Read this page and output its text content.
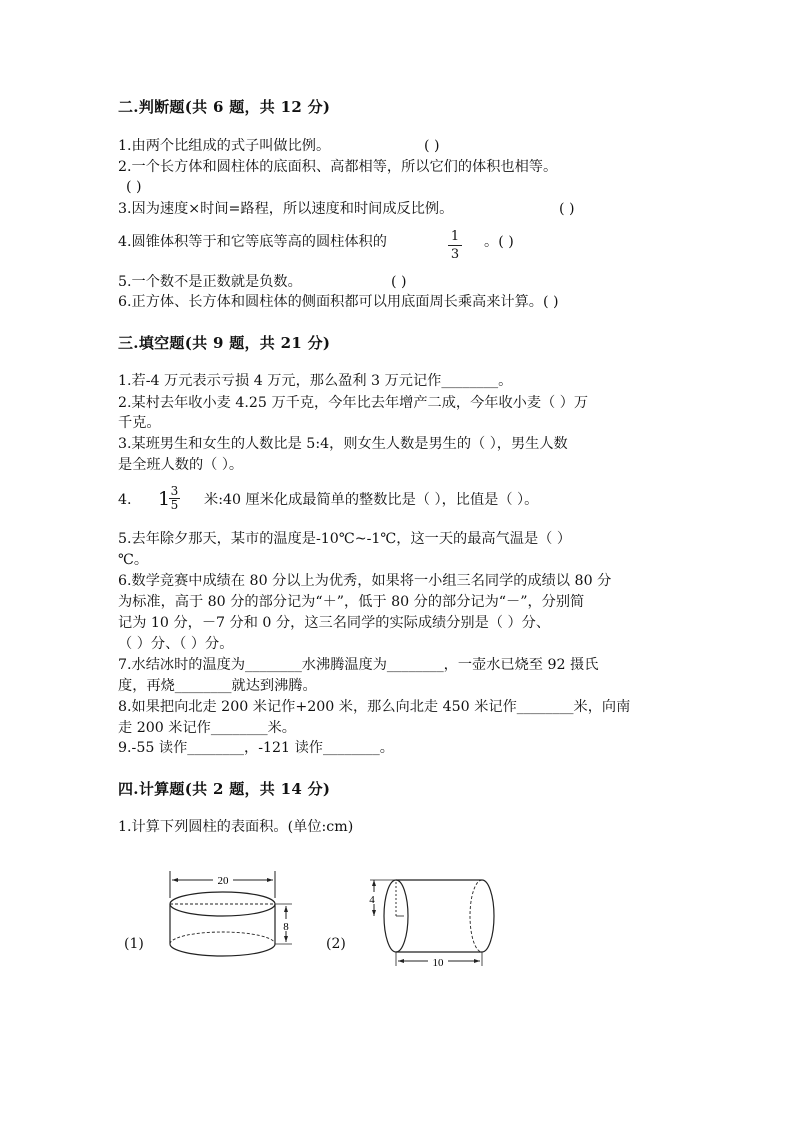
二.判断题(共 6 题，共 12 分)
1.由两个比组成的式子叫做比例。	( )
2.一个长方体和圆柱体的底面积、高都相等，所以它们的体积也相等。
( )
3.因为速度×时间=路程，所以速度和时间成反比例。	( )
4.圆锥体积等于和它等底等高的圆柱体积的	$\frac{1}{3}$ 。( )
5.一个数不是正数就是负数。	( )
6.正方体、长方体和圆柱体的侧面积都可以用底面周长乘高来计算。( )
三.填空题(共 9 题，共 21 分)
1.若-4 万元表示亏损 4 万元，那么盈利 3 万元记作________。
2.某村去年收小麦 4.25 万千克，今年比去年增产二成，今年收小麦（ ）万
千克。
3.某班男生和女生的人数比是 5:4，则女生人数是男生的（ ），男生人数
是全班人数的（ ）。
4. 1
$\frac{3}{5}$ 米:40 厘米化成最简单的整数比是（ ），比值是（ ）。
5.去年除夕那天，某市的温度是-10℃~-1℃，这一天的最高气温是（ ）
℃。
6.数学竞赛中成绩在 80 分以上为优秀，如果将一小组三名同学的成绩以 80 分
为标准，高于 80 分的部分记为“＋”，低于 80 分的部分记为“－”，分别简
记为 10 分，－7 分和 0 分，这三名同学的实际成绩分别是（ ）分、
（ ）分、（ ）分。
7.水结冰时的温度为________水沸腾温度为________，一壶水已烧至 92 摄氏
度，再烧________就达到沸腾。
8.如果把向北走 200 米记作+200 米，那么向北走 450 米记作________米，向南
走 200 米记作________米。
9.-55 读作________，-121 读作________。
四.计算题(共 2 题，共 14 分)
1.计算下列圆柱的表面积。(单位:cm)
(1)
20
8
(2)
4
10
